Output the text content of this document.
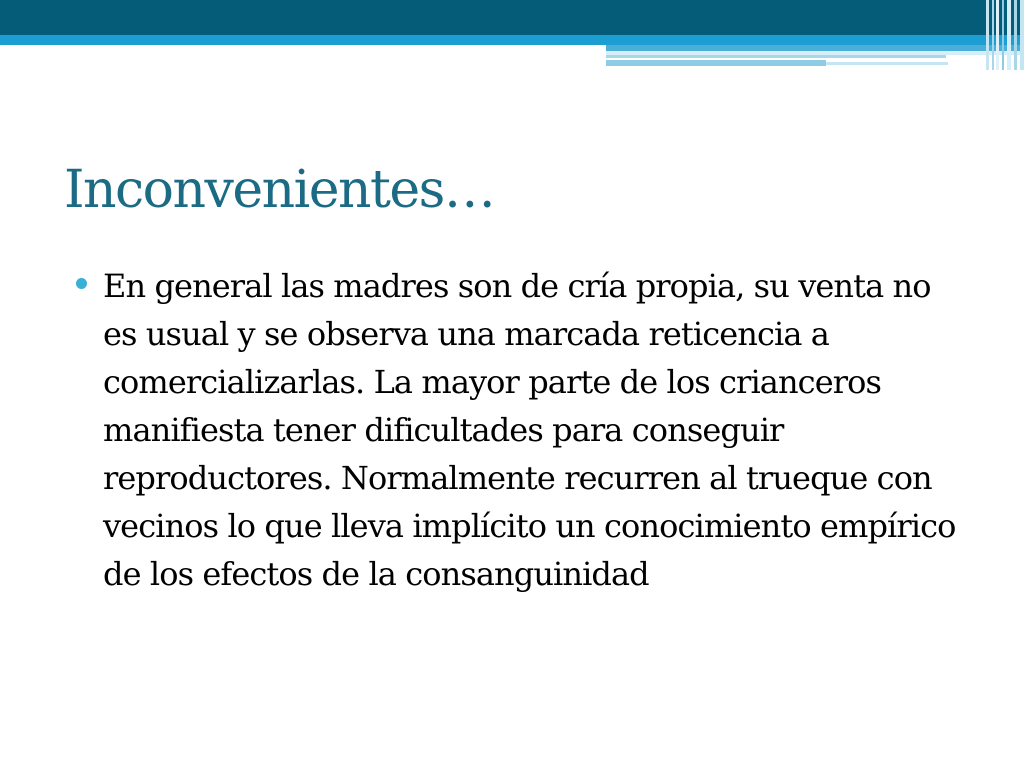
Inconvenientes…
En general las madres son de cría propia, su venta no es usual y se observa una marcada reticencia a comercializarlas. La mayor parte de los crianceros manifiesta tener dificultades para conseguir reproductores. Normalmente recurren al trueque con vecinos lo que lleva implícito un conocimiento empírico de los efectos de la consanguinidad
